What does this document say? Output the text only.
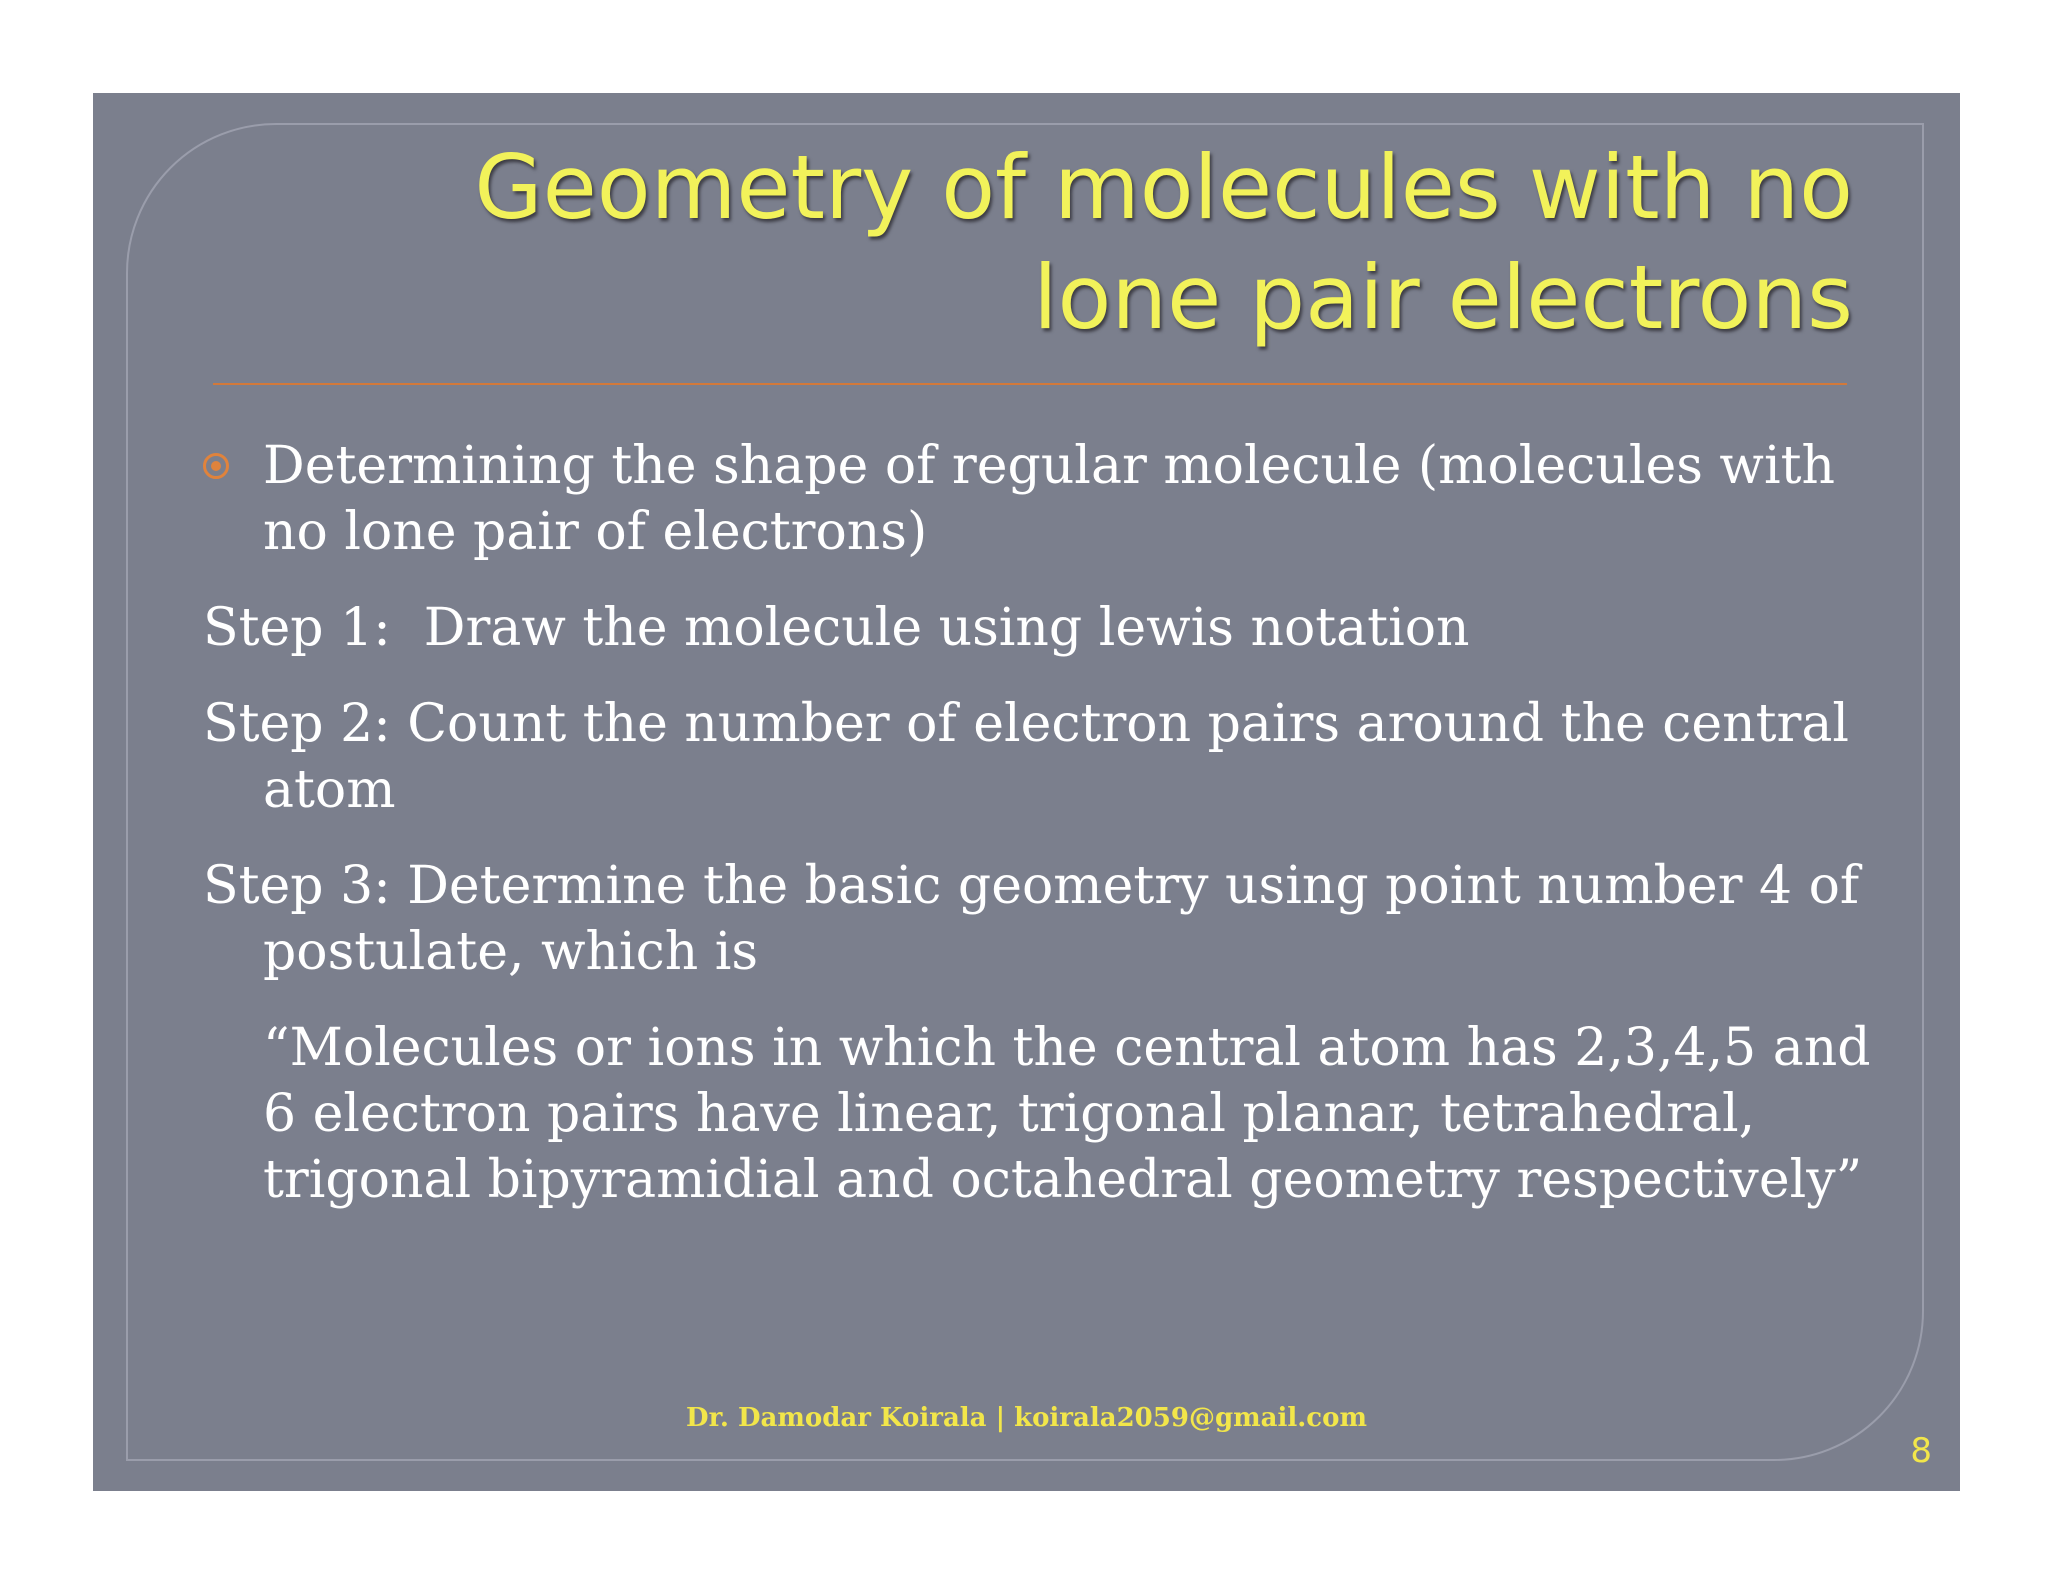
Geometry of molecules with no
lone pair electrons
Determining the shape of regular molecule (molecules with no lone pair of electrons)
Step 1:  Draw the molecule using lewis notation
Step 2: Count the number of electron pairs around the central atom
Step 3: Determine the basic geometry using point number 4 of postulate, which is
“Molecules or ions in which the central atom has 2,3,4,5 and 6 electron pairs have linear, trigonal planar, tetrahedral, trigonal bipyramidial and octahedral geometry respectively”
Dr. Damodar Koirala | koirala2059@gmail.com
8
